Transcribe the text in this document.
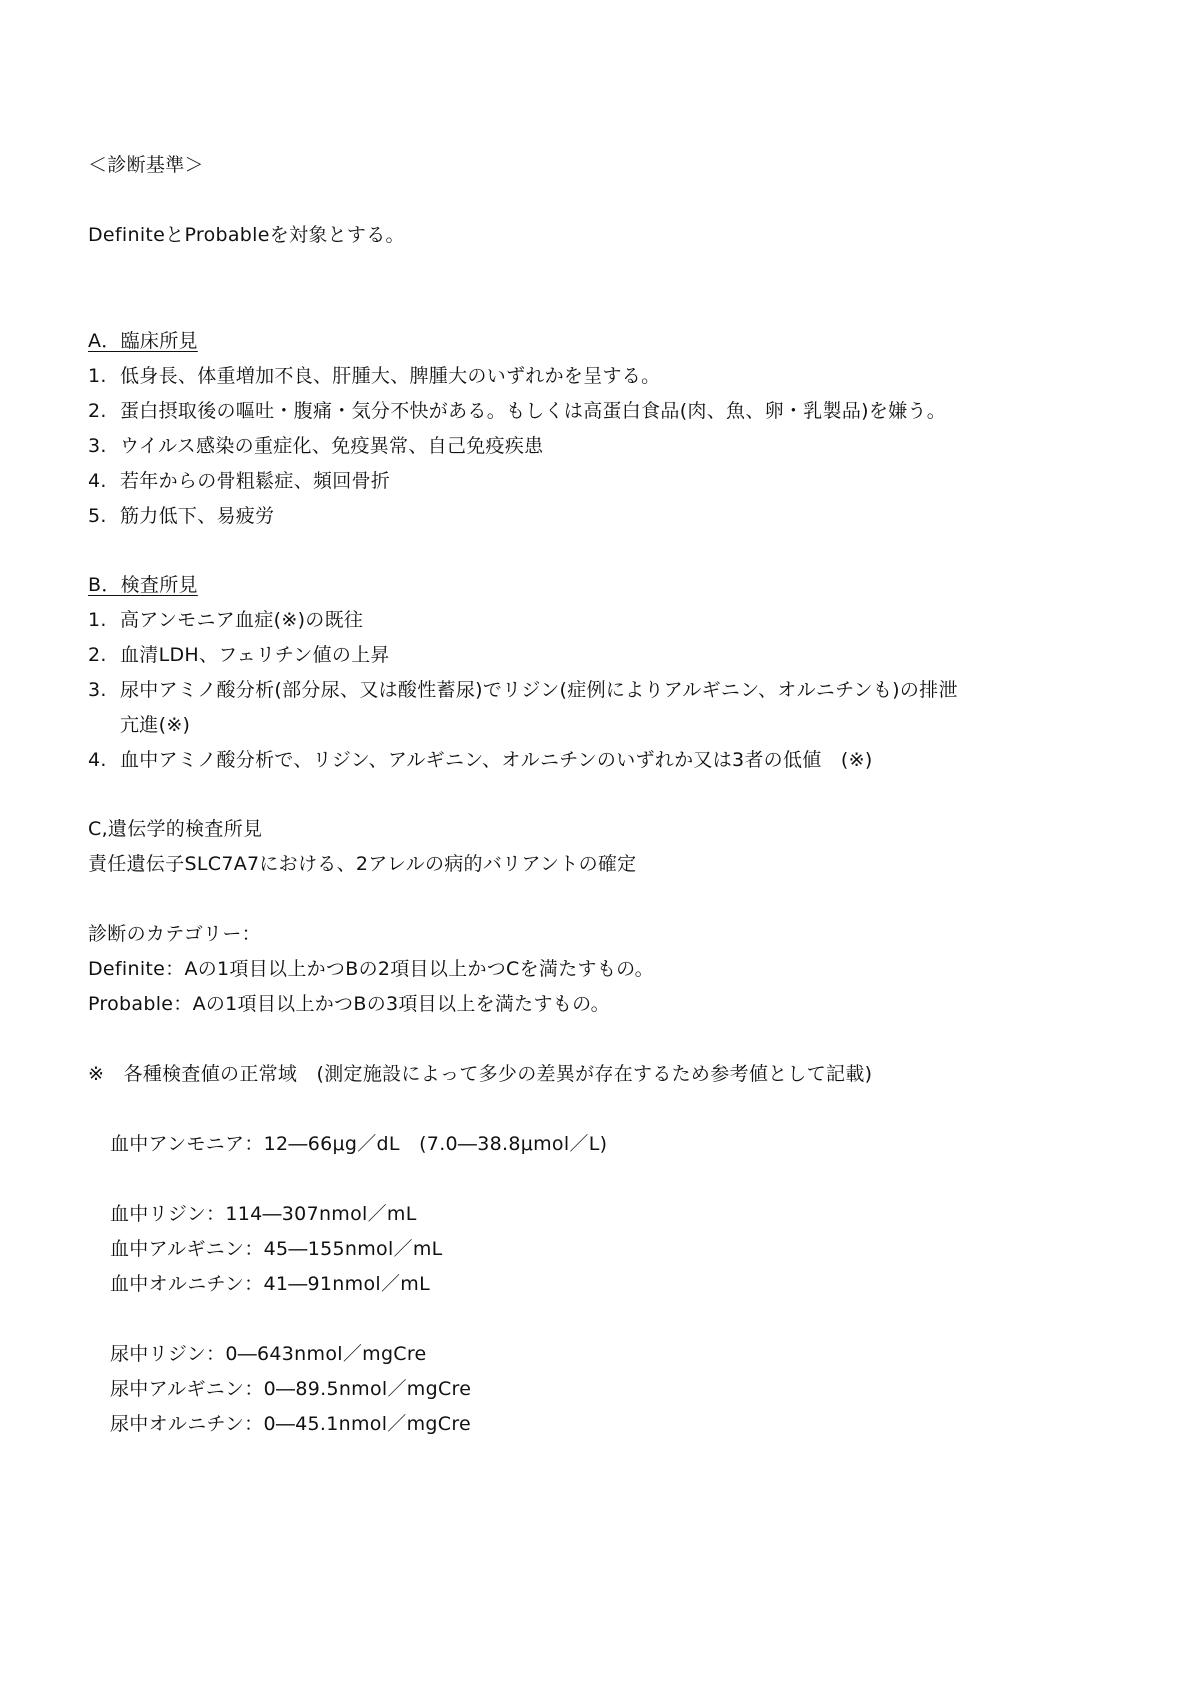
＜診断基準＞
DefiniteとProbableを対象とする。
A．臨床所見
1. 低身長、体重増加不良、肝腫大、脾腫大のいずれかを呈する。
2. 蛋白摂取後の嘔吐・腹痛・気分不快がある。もしくは高蛋白食品(肉、魚、卵・乳製品)を嫌う。
3. ウイルス感染の重症化、免疫異常、自己免疫疾患
4. 若年からの骨粗鬆症、頻回骨折
5. 筋力低下、易疲労
B．検査所見
1. 高アンモニア血症(※)の既往
2. 血清LDH、フェリチン値の上昇
3. 尿中アミノ酸分析(部分尿、又は酸性蓄尿)でリジン(症例によりアルギニン、オルニチンも)の排泄
亢進(※)
4. 血中アミノ酸分析で、リジン、アルギニン、オルニチンのいずれか又は3者の低値　(※)
C,遺伝学的検査所見
責任遺伝子SLC7A7における、2アレルの病的バリアントの確定
診断のカテゴリー：
Definite：Aの1項目以上かつBの2項目以上かつCを満たすもの。
Probable：Aの1項目以上かつBの3項目以上を満たすもの。
※　各種検査値の正常域　(測定施設によって多少の差異が存在するため参考値として記載)
血中アンモニア：12―66μg／dL　(7.0―38.8μmol／L)
血中リジン：114―307nmol／mL
血中アルギニン：45―155nmol／mL
血中オルニチン：41―91nmol／mL
尿中リジン：0―643nmol／mgCre
尿中アルギニン：0―89.5nmol／mgCre
尿中オルニチン：0―45.1nmol／mgCre
